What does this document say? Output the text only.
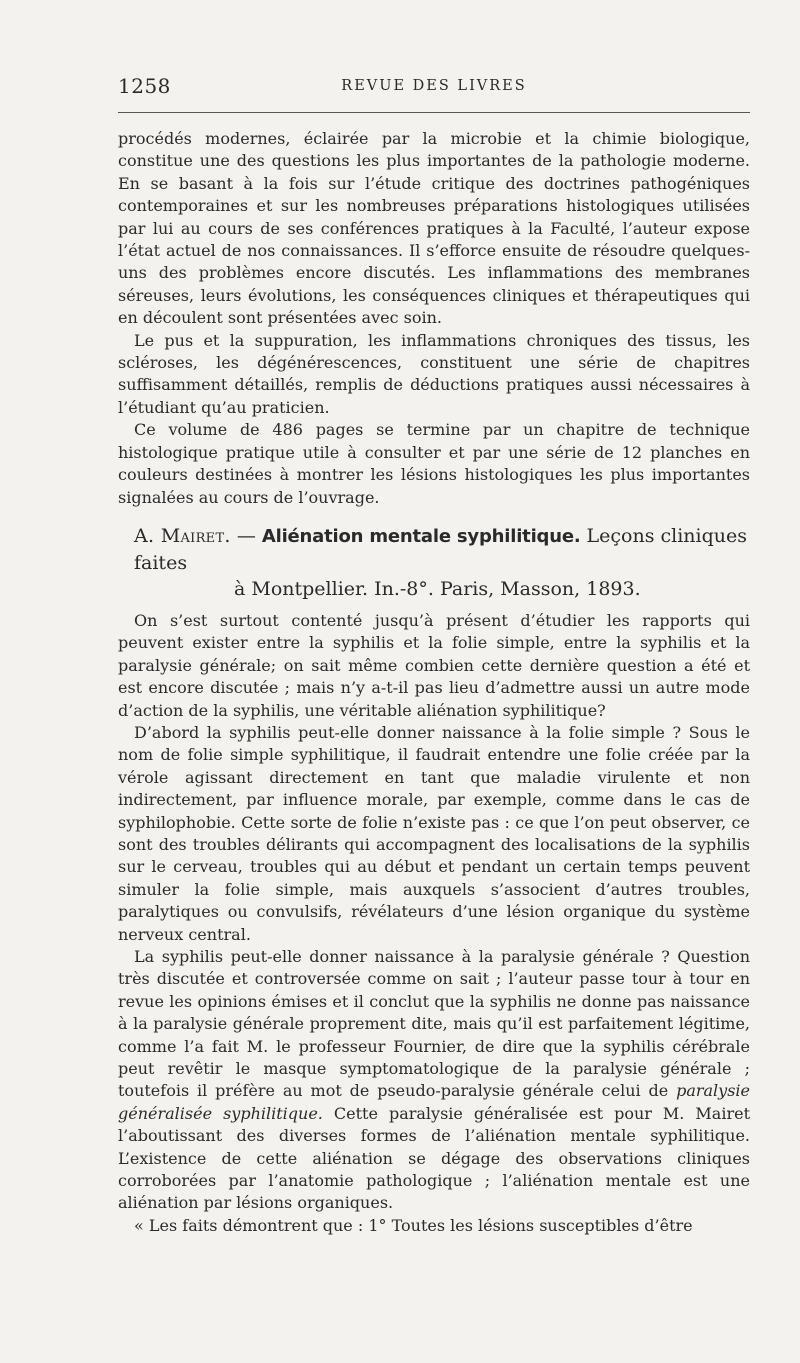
1258	REVUE DES LIVRES

procédés modernes, éclairée par la microbie et la chimie biologique, constitue une des questions les plus importantes de la pathologie moderne. En se basant à la fois sur l’étude critique des doctrines pathogéniques contemporaines et sur les nombreuses préparations histologiques utilisées par lui au cours de ses conférences pratiques à la Faculté, l’auteur expose l’état actuel de nos connaissances. Il s’efforce ensuite de résoudre quelques-uns des problèmes encore discutés. Les inflammations des membranes séreuses, leurs évolutions, les conséquences cliniques et thérapeutiques qui en découlent sont présentées avec soin.

Le pus et la suppuration, les inflammations chroniques des tissus, les scléroses, les dégénérescences, constituent une série de chapitres suffisamment détaillés, remplis de déductions pratiques aussi nécessaires à l’étudiant qu’au praticien.

Ce volume de 486 pages se termine par un chapitre de technique histologique pratique utile à consulter et par une série de 12 planches en couleurs destinées à montrer les lésions histologiques les plus importantes signalées au cours de l’ouvrage.

A. Mairet. — Aliénation mentale syphilitique. Leçons cliniques faites
à Montpellier. In.-8°. Paris, Masson, 1893.

On s’est surtout contenté jusqu’à présent d’étudier les rapports qui peuvent exister entre la syphilis et la folie simple, entre la syphilis et la paralysie générale; on sait même combien cette dernière question a été et est encore discutée ; mais n’y a-t-il pas lieu d’admettre aussi un autre mode d’action de la syphilis, une véritable aliénation syphilitique?

D’abord la syphilis peut-elle donner naissance à la folie simple ? Sous le nom de folie simple syphilitique, il faudrait entendre une folie créée par la vérole agissant directement en tant que maladie virulente et non indirectement, par influence morale, par exemple, comme dans le cas de syphilophobie. Cette sorte de folie n’existe pas : ce que l’on peut observer, ce sont des troubles délirants qui accompagnent des localisations de la syphilis sur le cerveau, troubles qui au début et pendant un certain temps peuvent simuler la folie simple, mais auxquels s’associent d’autres troubles, paralytiques ou convulsifs, révélateurs d’une lésion organique du système nerveux central.

La syphilis peut-elle donner naissance à la paralysie générale ? Question très discutée et controversée comme on sait ; l’auteur passe tour à tour en revue les opinions émises et il conclut que la syphilis ne donne pas naissance à la paralysie générale proprement dite, mais qu’il est parfaitement légitime, comme l’a fait M. le professeur Fournier, de dire que la syphilis cérébrale peut revêtir le masque symptomatologique de la paralysie générale ; toutefois il préfère au mot de pseudo-paralysie générale celui de paralysie généralisée syphilitique. Cette paralysie généralisée est pour M. Mairet l’aboutissant des diverses formes de l’aliénation mentale syphilitique. L’existence de cette aliénation se dégage des observations cliniques corroborées par l’anatomie pathologique ; l’aliénation mentale est une aliénation par lésions organiques.

« Les faits démontrent que : 1° Toutes les lésions susceptibles d’être
